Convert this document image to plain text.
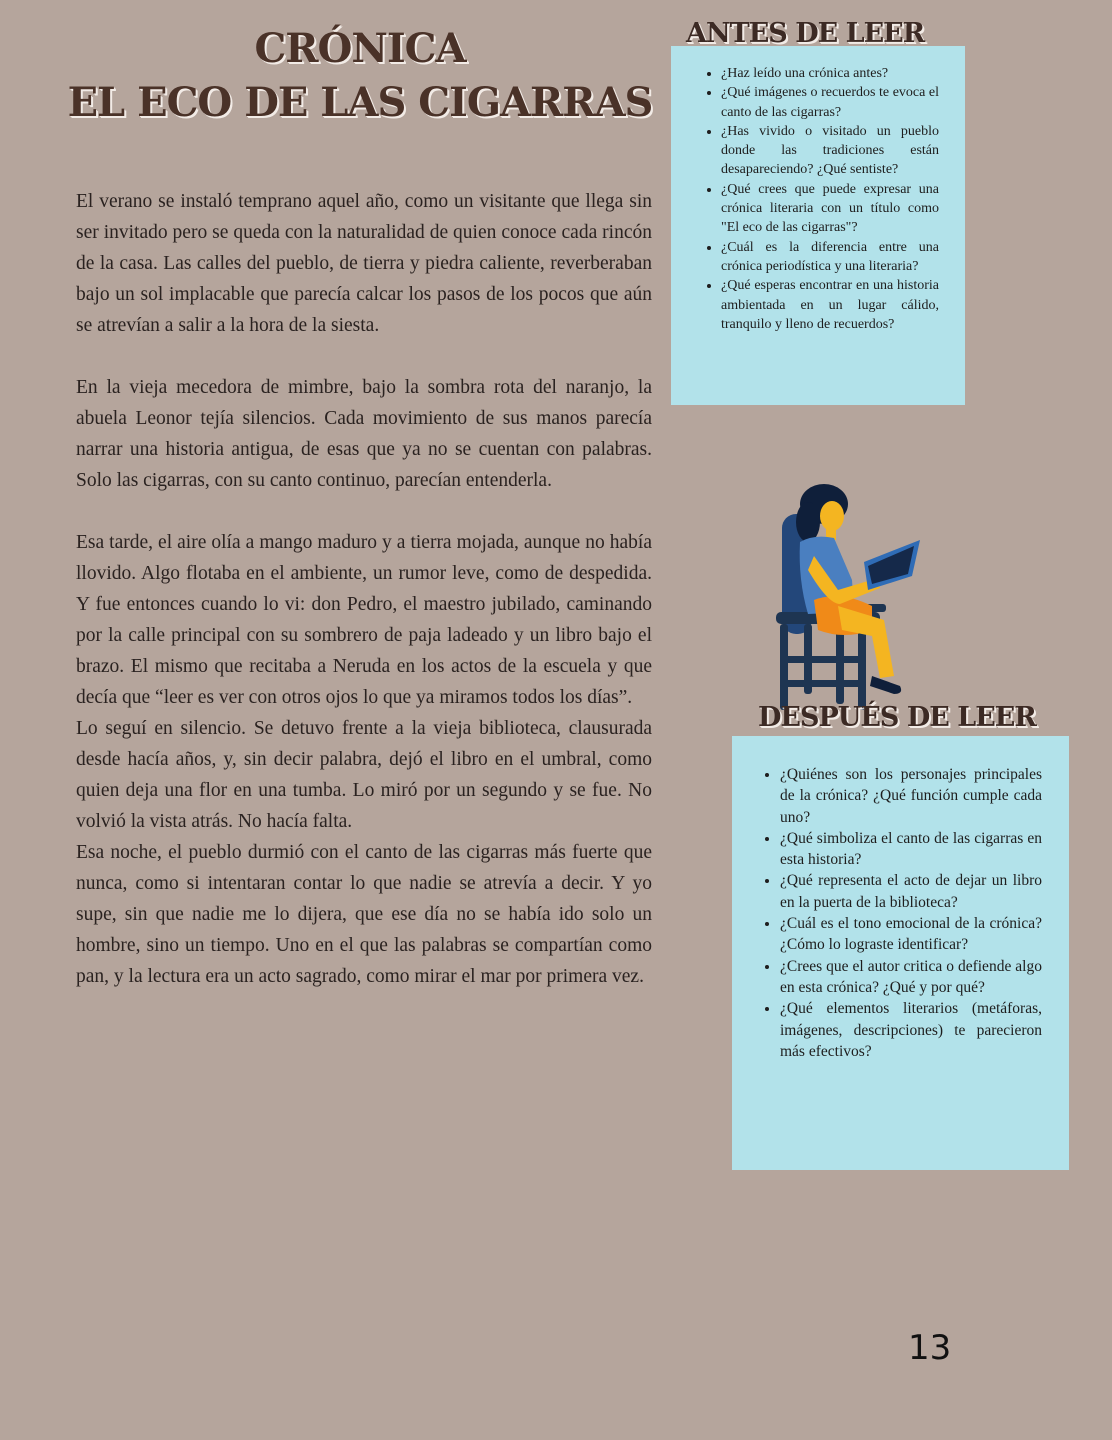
CRÓNICA
EL ECO DE LAS CIGARRAS

El verano se instaló temprano aquel año, como un visitante que llega sin ser invitado pero se queda con la naturalidad de quien conoce cada rincón de la casa. Las calles del pueblo, de tierra y piedra caliente, reverberaban bajo un sol implacable que parecía calcar los pasos de los pocos que aún se atrevían a salir a la hora de la siesta.

En la vieja mecedora de mimbre, bajo la sombra rota del naranjo, la abuela Leonor tejía silencios. Cada movimiento de sus manos parecía narrar una historia antigua, de esas que ya no se cuentan con palabras. Solo las cigarras, con su canto continuo, parecían entenderla.

Esa tarde, el aire olía a mango maduro y a tierra mojada, aunque no había llovido. Algo flotaba en el ambiente, un rumor leve, como de despedida. Y fue entonces cuando lo vi: don Pedro, el maestro jubilado, caminando por la calle principal con su sombrero de paja ladeado y un libro bajo el brazo. El mismo que recitaba a Neruda en los actos de la escuela y que decía que “leer es ver con otros ojos lo que ya miramos todos los días”.

Lo seguí en silencio. Se detuvo frente a la vieja biblioteca, clausurada desde hacía años, y, sin decir palabra, dejó el libro en el umbral, como quien deja una flor en una tumba. Lo miró por un segundo y se fue. No volvió la vista atrás. No hacía falta.

Esa noche, el pueblo durmió con el canto de las cigarras más fuerte que nunca, como si intentaran contar lo que nadie se atrevía a decir. Y yo supe, sin que nadie me lo dijera, que ese día no se había ido solo un hombre, sino un tiempo. Uno en el que las palabras se compartían como pan, y la lectura era un acto sagrado, como mirar el mar por primera vez.

ANTES DE LEER
• ¿Haz leído una crónica antes?
• ¿Qué imágenes o recuerdos te evoca el canto de las cigarras?
• ¿Has vivido o visitado un pueblo donde las tradiciones están desapareciendo? ¿Qué sentiste?
• ¿Qué crees que puede expresar una crónica literaria con un título como "El eco de las cigarras"?
• ¿Cuál es la diferencia entre una crónica periodística y una literaria?
• ¿Qué esperas encontrar en una historia ambientada en un lugar cálido, tranquilo y lleno de recuerdos?
DESPUÉS DE LEER
• ¿Quiénes son los personajes principales de la crónica? ¿Qué función cumple cada uno?
• ¿Qué simboliza el canto de las cigarras en esta historia?
• ¿Qué representa el acto de dejar un libro en la puerta de la biblioteca?
• ¿Cuál es el tono emocional de la crónica? ¿Cómo lo lograste identificar?
• ¿Crees que el autor critica o defiende algo en esta crónica? ¿Qué y por qué?
• ¿Qué elementos literarios (metáforas, imágenes, descripciones) te parecieron más efectivos?
13
